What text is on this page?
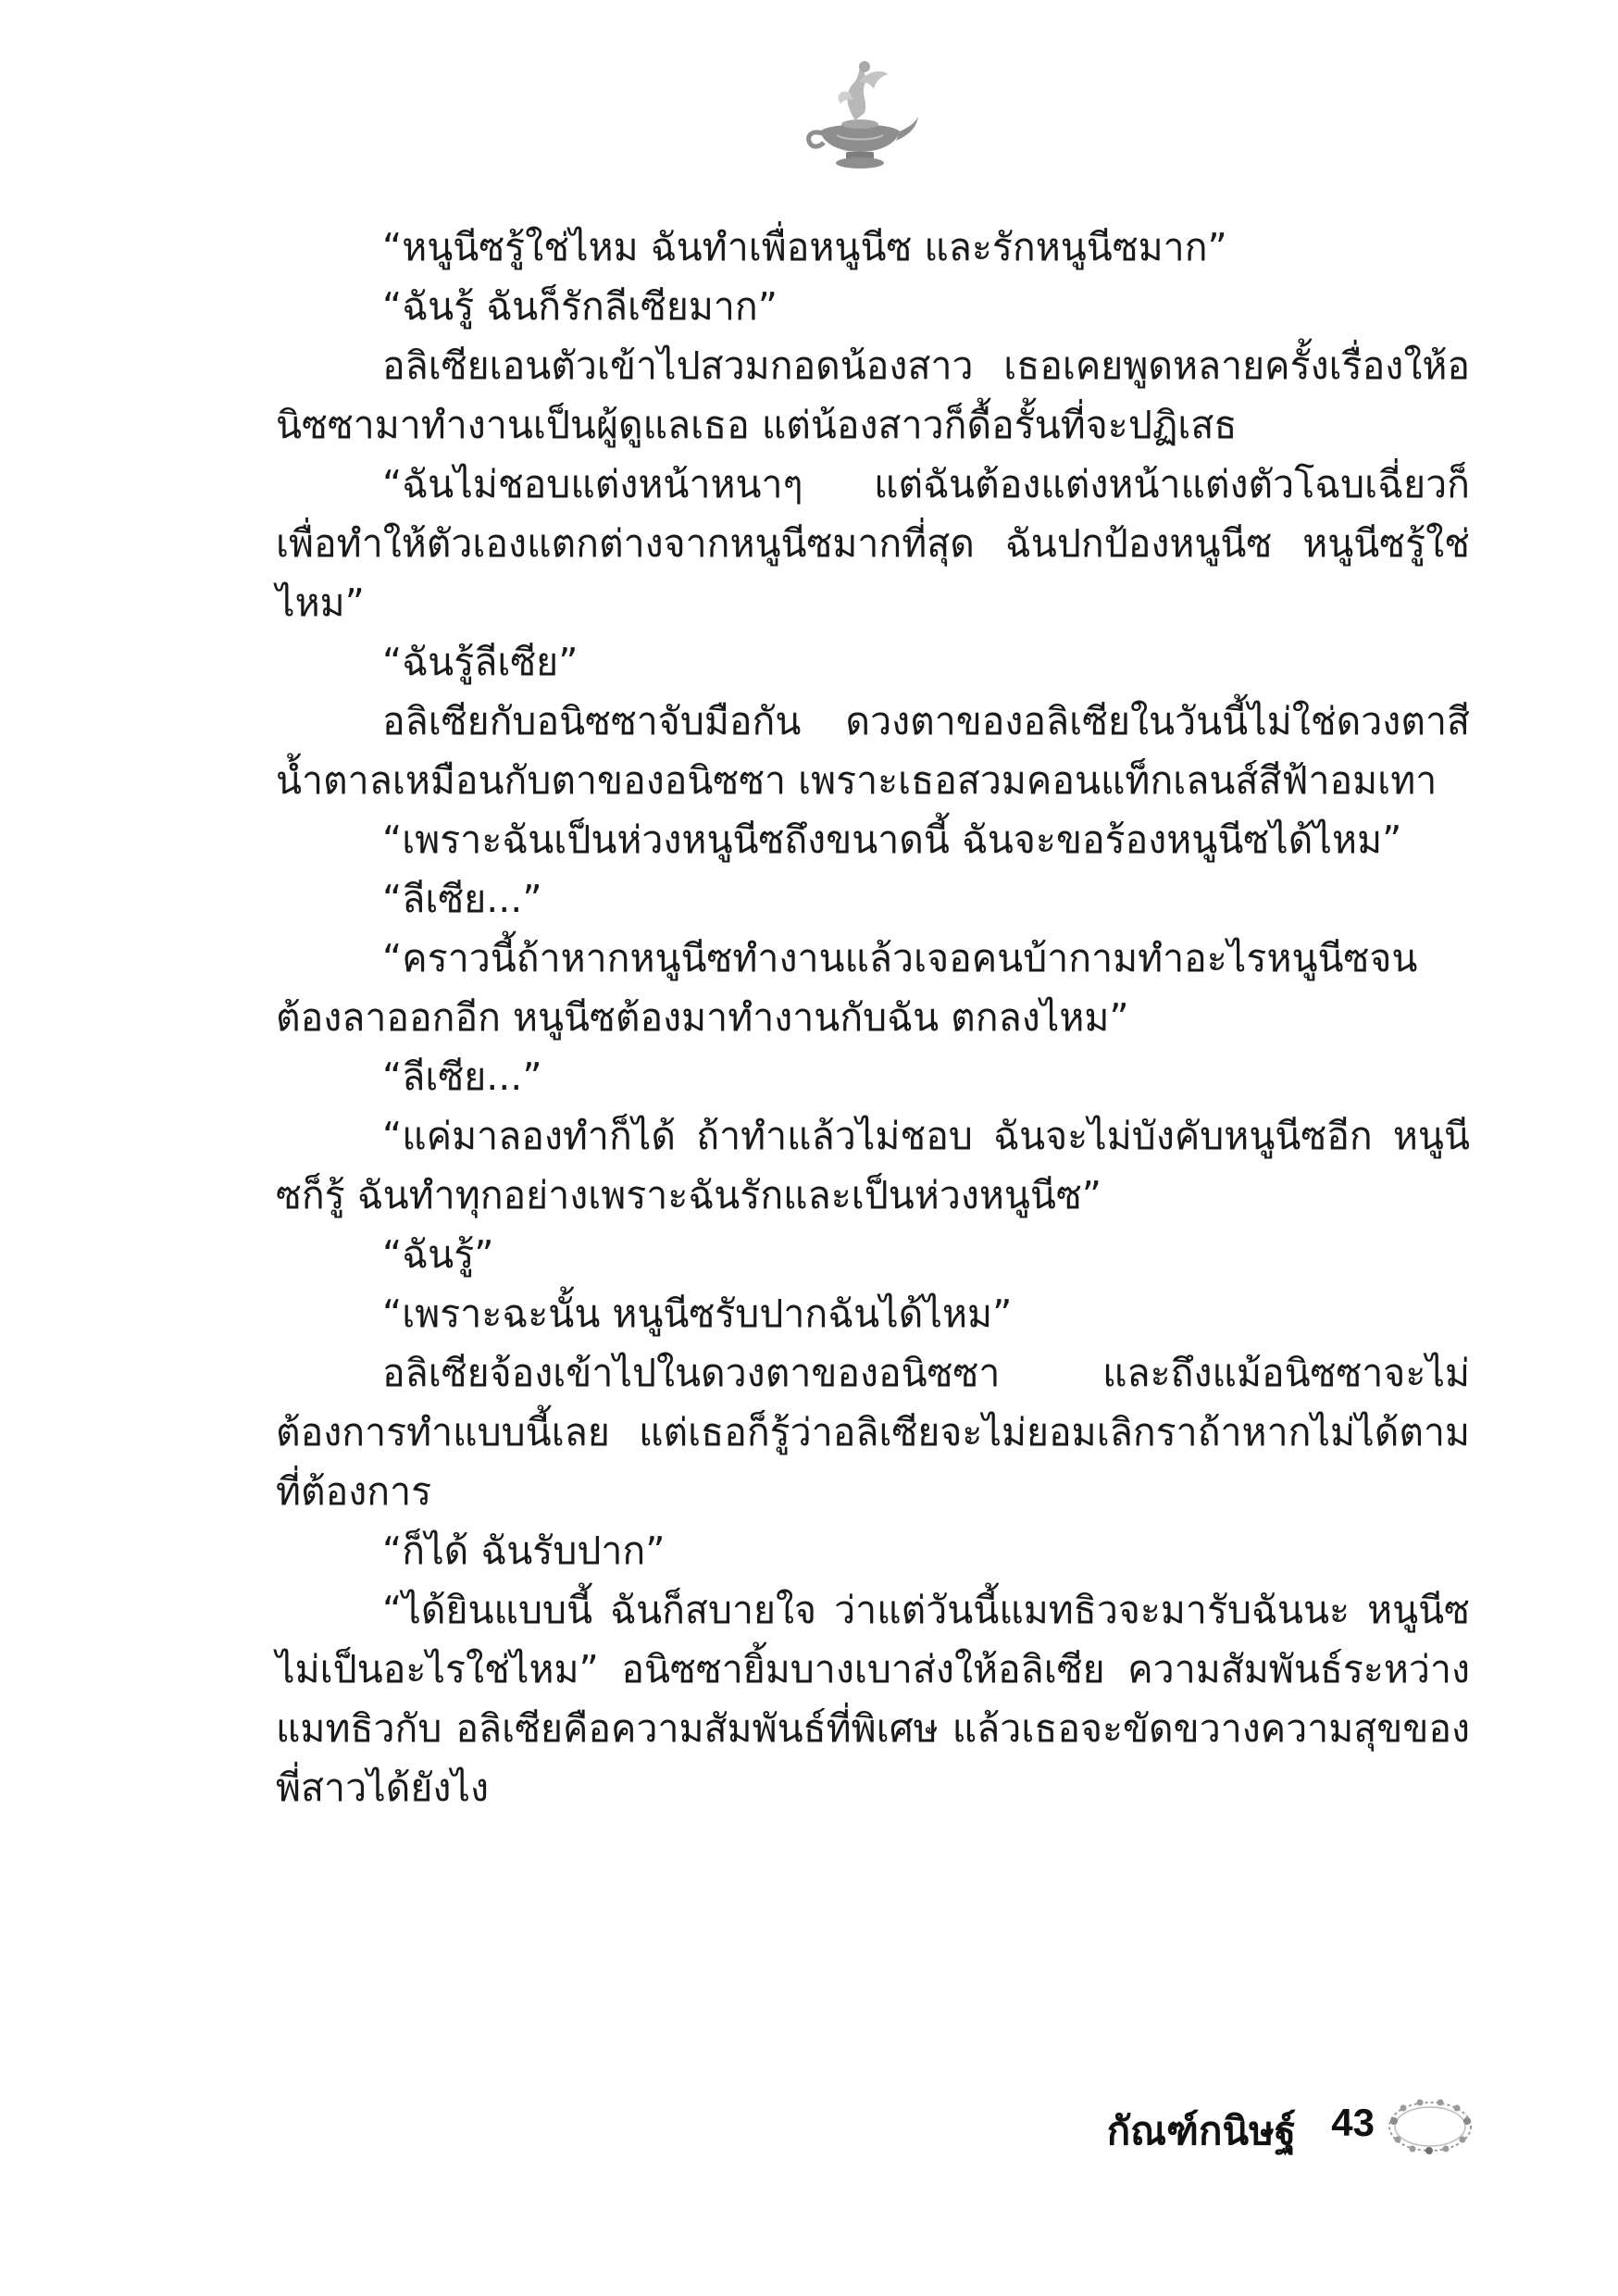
“หนูนีซรู้ใช่ไหม ฉันทำเพื่อหนูนีซ และรักหนูนีซมาก”

“ฉันรู้ ฉันก็รักลีเซียมาก”

อลิเซียเอนตัวเข้าไปสวมกอดน้องสาว เธอเคยพูดหลายครั้งเรื่องให้อนิซซามาทำงานเป็นผู้ดูแลเธอ แต่น้องสาวก็ดื้อรั้นที่จะปฏิเสธ

“ฉันไม่ชอบแต่งหน้าหนาๆ แต่ฉันต้องแต่งหน้าแต่งตัวโฉบเฉี่ยวก็เพื่อทำให้ตัวเองแตกต่างจากหนูนีซมากที่สุด ฉันปกป้องหนูนีซ หนูนีซรู้ใช่ไหม”

“ฉันรู้ลีเซีย”

อลิเซียกับอนิซซาจับมือกัน ดวงตาของอลิเซียในวันนี้ไม่ใช่ดวงตาสีน้ำตาลเหมือนกับตาของอนิซซา เพราะเธอสวมคอนแท็กเลนส์สีฟ้าอมเทา

“เพราะฉันเป็นห่วงหนูนีซถึงขนาดนี้ ฉันจะขอร้องหนูนีซได้ไหม”

“ลีเซีย...”

“คราวนี้ถ้าหากหนูนีซทำงานแล้วเจอคนบ้ากามทำอะไรหนูนีซจนต้องลาออกอีก หนูนีซต้องมาทำงานกับฉัน ตกลงไหม”

“ลีเซีย...”

“แค่มาลองทำก็ได้ ถ้าทำแล้วไม่ชอบ ฉันจะไม่บังคับหนูนีซอีก หนูนีซก็รู้ ฉันทำทุกอย่างเพราะฉันรักและเป็นห่วงหนูนีซ”

“ฉันรู้”

“เพราะฉะนั้น หนูนีซรับปากฉันได้ไหม”

อลิเซียจ้องเข้าไปในดวงตาของอนิซซา และถึงแม้อนิซซาจะไม่ต้องการทำแบบนี้เลย แต่เธอก็รู้ว่าอลิเซียจะไม่ยอมเลิกราถ้าหากไม่ได้ตามที่ต้องการ

“ก็ได้ ฉันรับปาก”

“ได้ยินแบบนี้ ฉันก็สบายใจ ว่าแต่วันนี้แมทธิวจะมารับฉันนะ หนูนีซไม่เป็นอะไรใช่ไหม” อนิซซายิ้มบางเบาส่งให้อลิเซีย ความสัมพันธ์ระหว่างแมทธิวกับ อลิเซียคือความสัมพันธ์ที่พิเศษ แล้วเธอจะขัดขวางความสุขของพี่สาวได้ยังไง

กัณฑ์กนิษฐ์ 43
